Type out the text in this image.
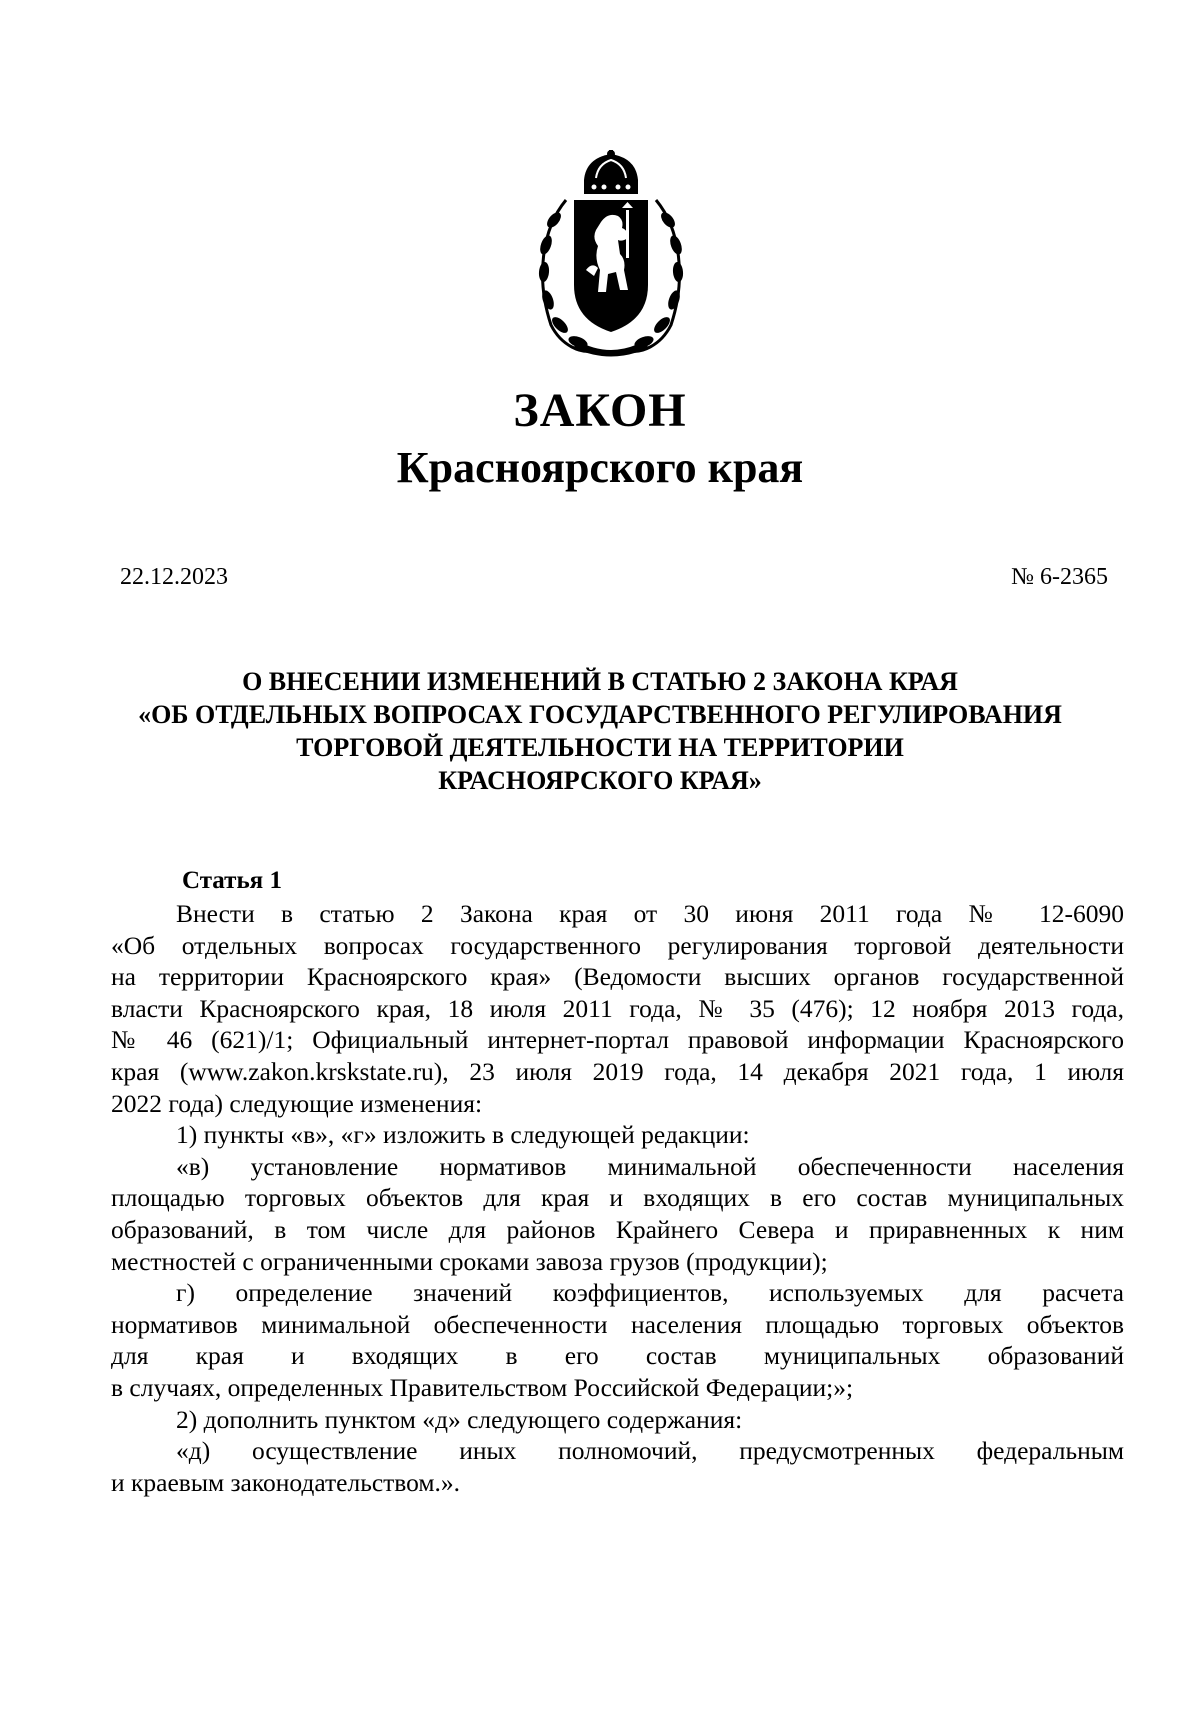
ЗАКОН
Красноярского края
22.12.2023	№ 6-2365
О ВНЕСЕНИИ ИЗМЕНЕНИЙ В СТАТЬЮ 2 ЗАКОНА КРАЯ
«ОБ ОТДЕЛЬНЫХ ВОПРОСАХ ГОСУДАРСТВЕННОГО РЕГУЛИРОВАНИЯ
ТОРГОВОЙ ДЕЯТЕЛЬНОСТИ НА ТЕРРИТОРИИ
КРАСНОЯРСКОГО КРАЯ»
Статья 1
Внести в статью 2 Закона края от 30 июня 2011 года № 12-6090
«Об отдельных вопросах государственного регулирования торговой деятельности
на территории Красноярского края» (Ведомости высших органов государственной
власти Красноярского края, 18 июля 2011 года, № 35 (476); 12 ноября 2013 года,
№ 46 (621)/1; Официальный интернет-портал правовой информации Красноярского
края (www.zakon.krskstate.ru), 23 июля 2019 года, 14 декабря 2021 года, 1 июля
2022 года) следующие изменения:
1) пункты «в», «г» изложить в следующей редакции:
«в) установление нормативов минимальной обеспеченности населения
площадью торговых объектов для края и входящих в его состав муниципальных
образований, в том числе для районов Крайнего Севера и приравненных к ним
местностей с ограниченными сроками завоза грузов (продукции);
г) определение значений коэффициентов, используемых для расчета
нормативов минимальной обеспеченности населения площадью торговых объектов
для края и входящих в его состав муниципальных образований
в случаях, определенных Правительством Российской Федерации;»;
2) дополнить пунктом «д» следующего содержания:
«д) осуществление иных полномочий, предусмотренных федеральным
и краевым законодательством.».
